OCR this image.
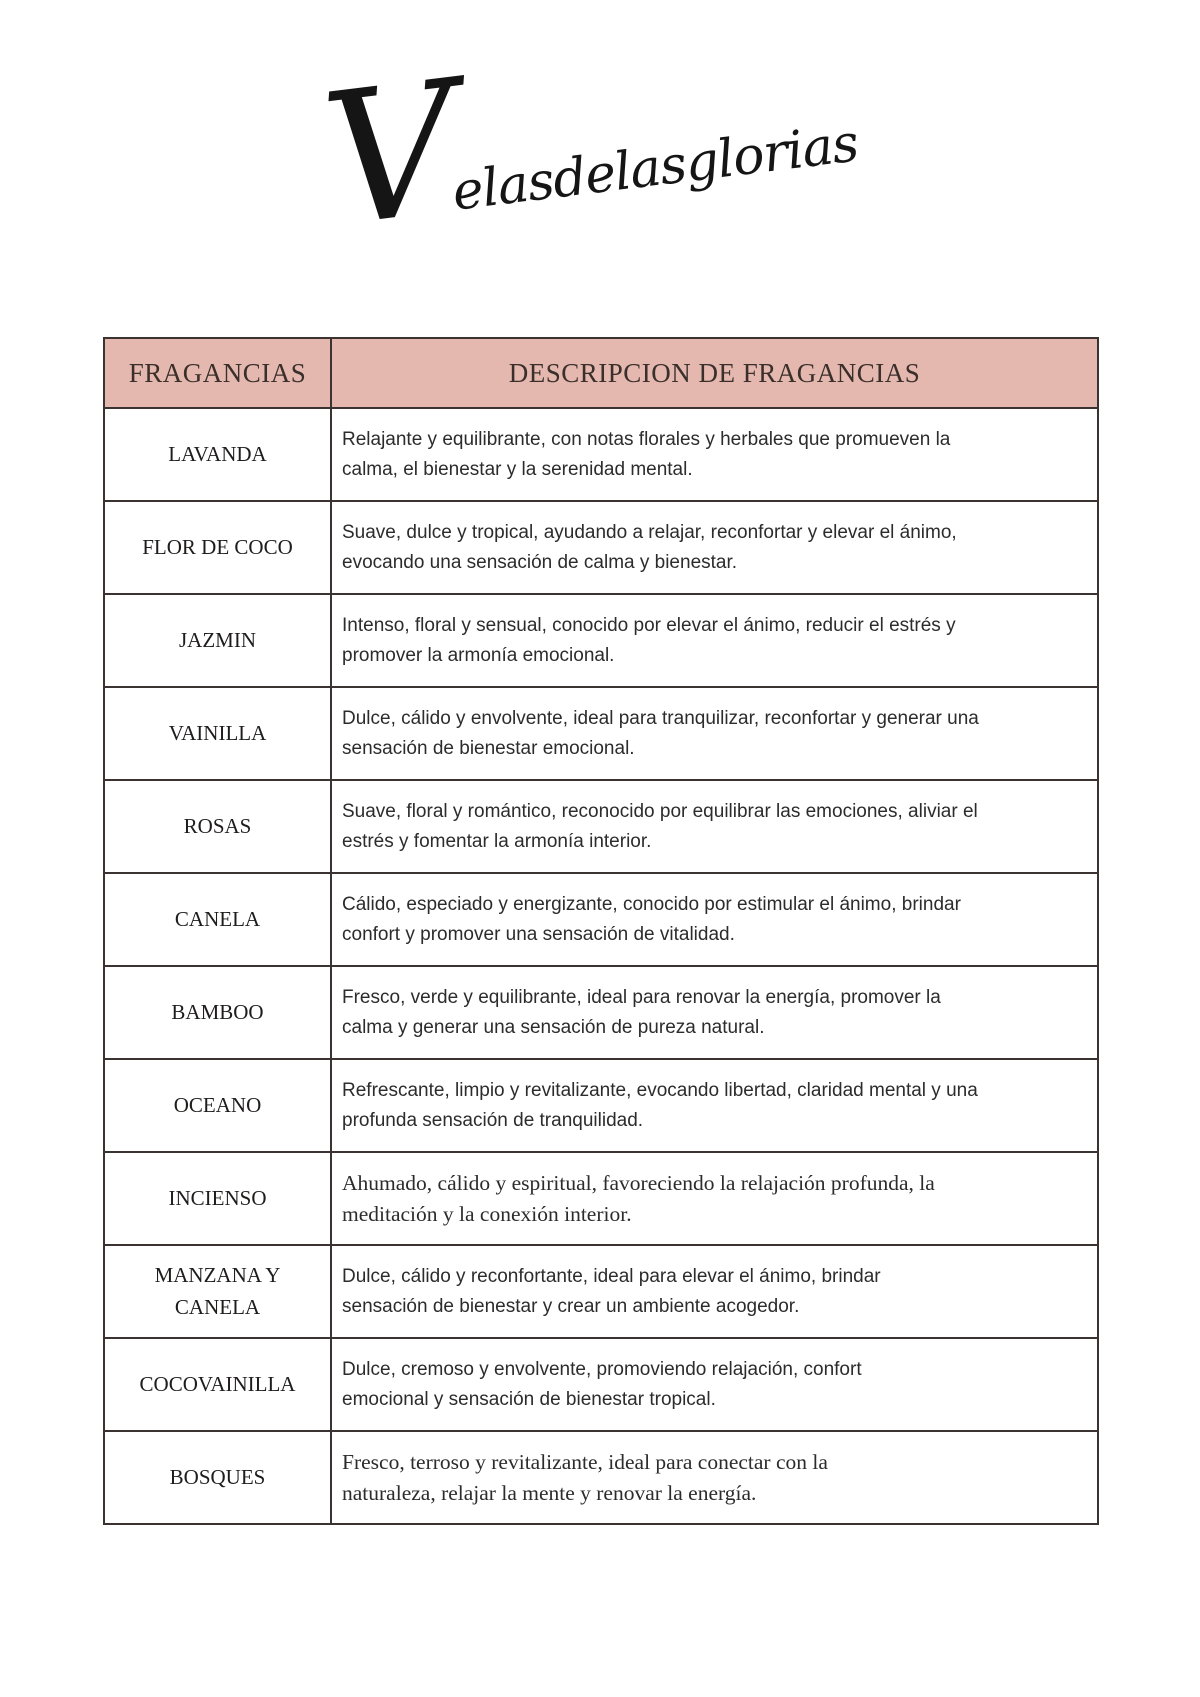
Velasdelasglorias
FRAGANCIAS	DESCRIPCION DE FRAGANCIAS
LAVANDA	Relajante y equilibrante, con notas florales y herbales que promueven la
calma, el bienestar y la serenidad mental.

FLOR DE COCO	Suave, dulce y tropical, ayudando a relajar, reconfortar y elevar el ánimo,
evocando una sensación de calma y bienestar.

JAZMIN	Intenso, floral y sensual, conocido por elevar el ánimo, reducir el estrés y
promover la armonía emocional.

VAINILLA	Dulce, cálido y envolvente, ideal para tranquilizar, reconfortar y generar una
sensación de bienestar emocional.

ROSAS	Suave, floral y romántico, reconocido por equilibrar las emociones, aliviar el
estrés y fomentar la armonía interior.

CANELA	Cálido, especiado y energizante, conocido por estimular el ánimo, brindar
confort y promover una sensación de vitalidad.

BAMBOO	Fresco, verde y equilibrante, ideal para renovar la energía, promover la
calma y generar una sensación de pureza natural.

OCEANO	Refrescante, limpio y revitalizante, evocando libertad, claridad mental y una
profunda sensación de tranquilidad.

INCIENSO	Ahumado, cálido y espiritual, favoreciendo la relajación profunda, la
meditación y la conexión interior.

MANZANA Y CANELA	Dulce, cálido y reconfortante, ideal para elevar el ánimo, brindar
sensación de bienestar y crear un ambiente acogedor.

COCOVAINILLA	Dulce, cremoso y envolvente, promoviendo relajación, confort
emocional y sensación de bienestar tropical.

BOSQUES	Fresco, terroso y revitalizante, ideal para conectar con la
naturaleza, relajar la mente y renovar la energía.
